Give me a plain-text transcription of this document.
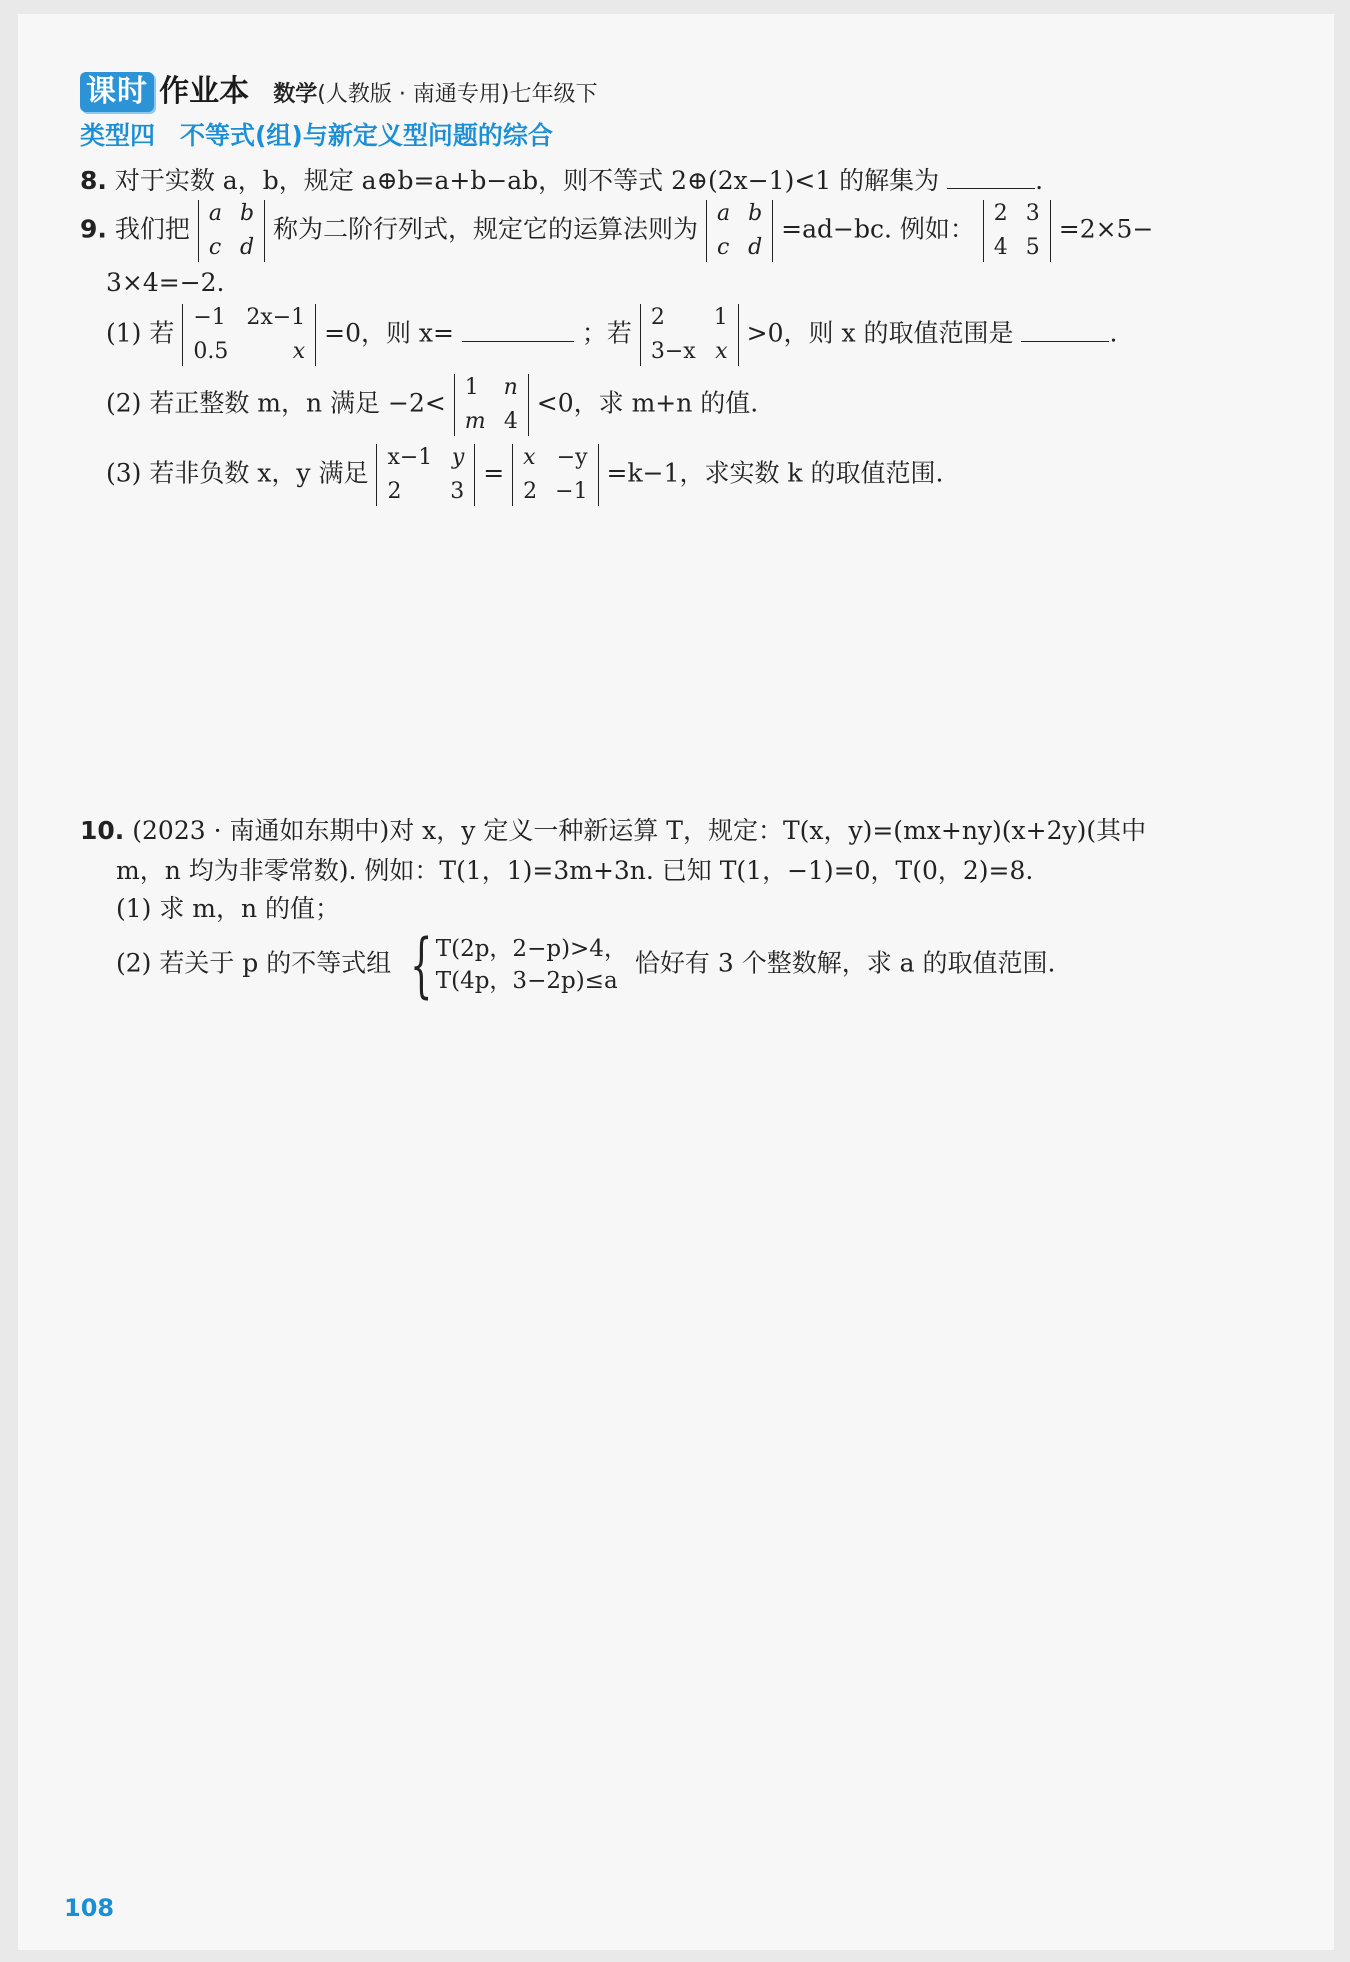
课时 作业本 数学(人教版 · 南通专用)七年级下
类型四　不等式(组)与新定义型问题的综合
8. 对于实数 a，b，规定 a⊕b=a+b−ab，则不等式 2⊕(2x−1)<1 的解集为	.
9. 我们把
a b
c d
称为二阶行列式，规定它的运算法则为
a b
c d
=ad−bc. 例如：
2 3
4 5
=2×5−
3×4=−2.
(1) 若
−1 2x−1
0.5	x
=0，则 x=	；若
2	1
3−x x
>0，则 x 的取值范围是	.
(2) 若正整数 m，n 满足 −2<
1	n
m 4
<0，求 m+n 的值.
(3) 若非负数 x，y 满足
x−1 y
2	3
=
x −y
2 −1
=k−1，求实数 k 的取值范围.
10. (2023 · 南通如东期中)对 x，y 定义一种新运算 T，规定：T(x，y)=(mx+ny)(x+2y)(其中
m，n 均为非零常数). 例如：T(1，1)=3m+3n. 已知 T(1，−1)=0，T(0，2)=8.
(1) 求 m，n 的值；
(2) 若关于 p 的不等式组 { T(2p，2−p)>4，
T(4p，3−2p)≤a
恰好有 3 个整数解，求 a 的取值范围.
108
